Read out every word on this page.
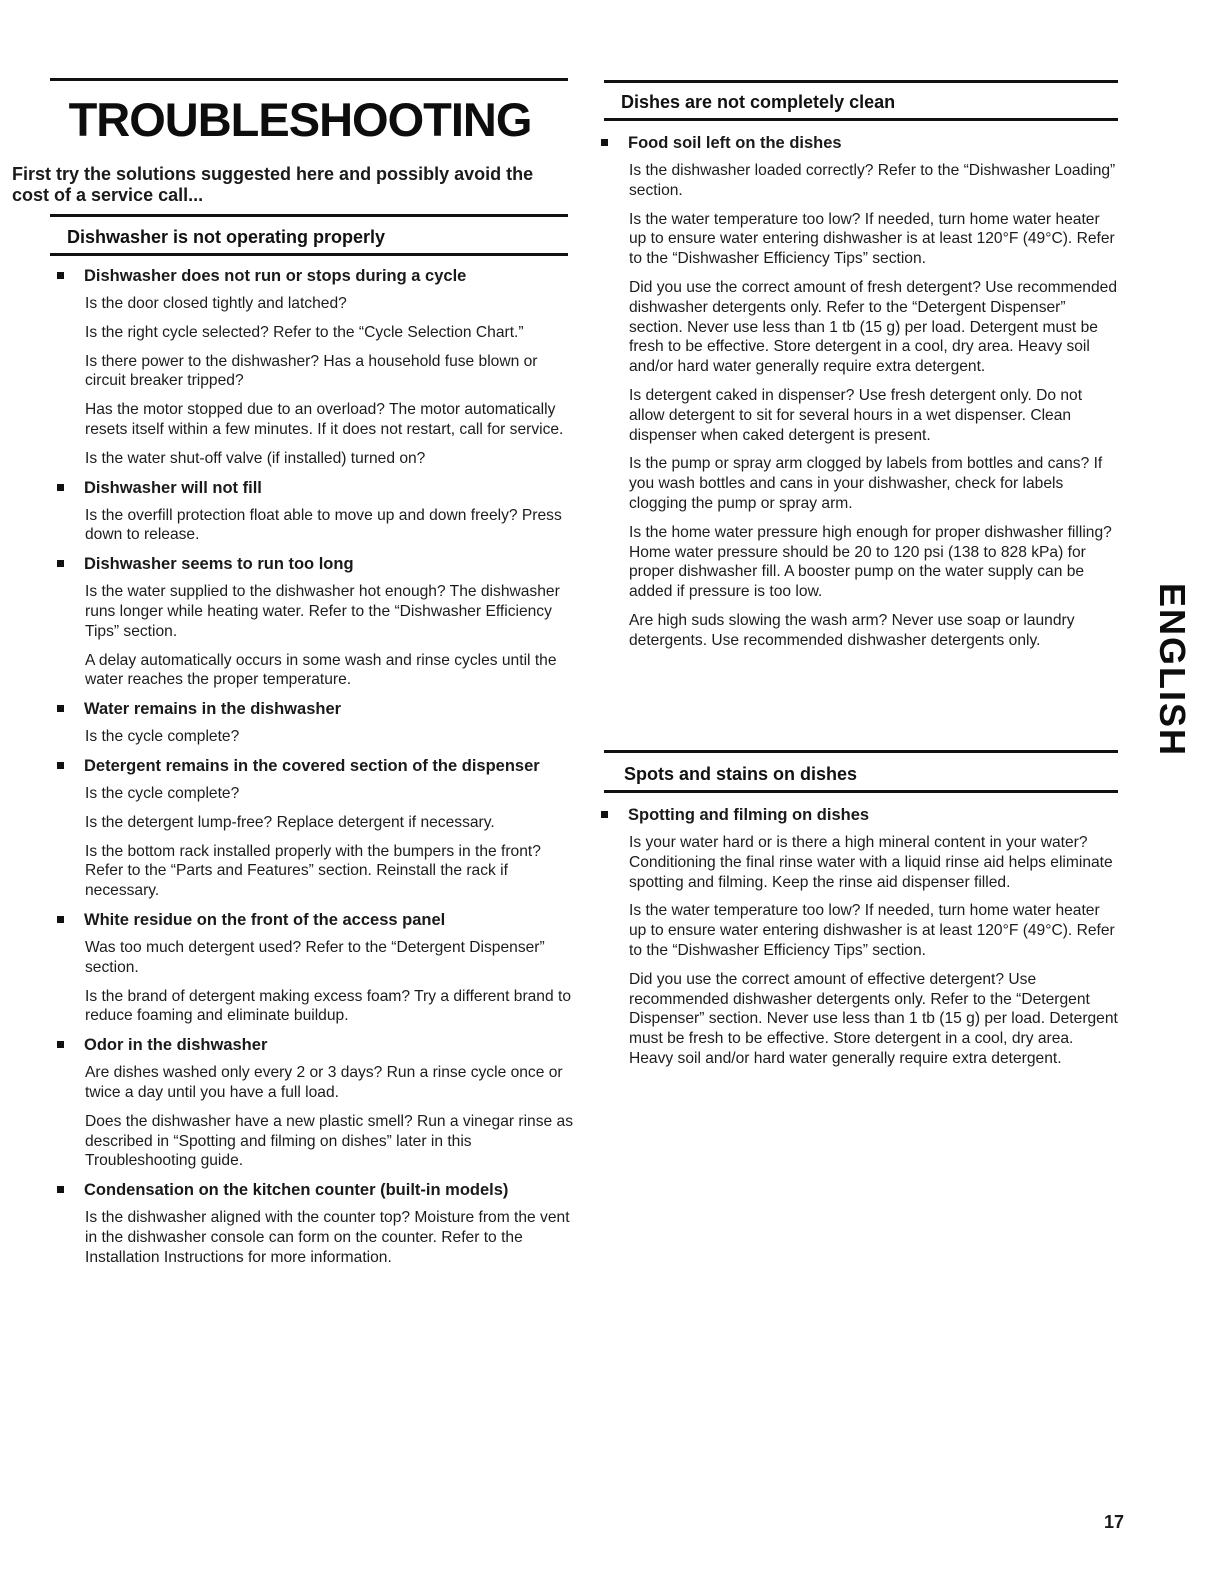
TROUBLESHOOTING
First try the solutions suggested here and possibly avoid the cost of a service call...
Dishwasher is not operating properly
Dishwasher does not run or stops during a cycle

Is the door closed tightly and latched?

Is the right cycle selected? Refer to the “Cycle Selection Chart.”

Is there power to the dishwasher? Has a household fuse blown or circuit breaker tripped?

Has the motor stopped due to an overload? The motor automatically resets itself within a few minutes. If it does not restart, call for service.

Is the water shut-off valve (if installed) turned on?

Dishwasher will not fill

Is the overfill protection float able to move up and down freely? Press down to release.

Dishwasher seems to run too long

Is the water supplied to the dishwasher hot enough? The dishwasher runs longer while heating water. Refer to the “Dishwasher Efficiency Tips” section.

A delay automatically occurs in some wash and rinse cycles until the water reaches the proper temperature.

Water remains in the dishwasher

Is the cycle complete?

Detergent remains in the covered section of the dispenser

Is the cycle complete?

Is the detergent lump-free? Replace detergent if necessary.

Is the bottom rack installed properly with the bumpers in the front? Refer to the “Parts and Features” section. Reinstall the rack if necessary.

White residue on the front of the access panel

Was too much detergent used? Refer to the “Detergent Dispenser” section.

Is the brand of detergent making excess foam? Try a different brand to reduce foaming and eliminate buildup.

Odor in the dishwasher

Are dishes washed only every 2 or 3 days? Run a rinse cycle once or twice a day until you have a full load.

Does the dishwasher have a new plastic smell? Run a vinegar rinse as described in “Spotting and filming on dishes” later in this Troubleshooting guide.

Condensation on the kitchen counter (built-in models)

Is the dishwasher aligned with the counter top? Moisture from the vent in the dishwasher console can form on the counter. Refer to the Installation Instructions for more information.

Dishes are not completely clean
Food soil left on the dishes

Is the dishwasher loaded correctly? Refer to the “Dishwasher Loading” section.

Is the water temperature too low? If needed, turn home water heater up to ensure water entering dishwasher is at least 120°F (49°C). Refer to the “Dishwasher Efficiency Tips” section.

Did you use the correct amount of fresh detergent? Use recommended dishwasher detergents only. Refer to the “Detergent Dispenser” section. Never use less than 1 tb (15 g) per load. Detergent must be fresh to be effective. Store detergent in a cool, dry area. Heavy soil and/or hard water generally require extra detergent.

Is detergent caked in dispenser? Use fresh detergent only. Do not allow detergent to sit for several hours in a wet dispenser. Clean dispenser when caked detergent is present.

Is the pump or spray arm clogged by labels from bottles and cans? If you wash bottles and cans in your dishwasher, check for labels clogging the pump or spray arm.

Is the home water pressure high enough for proper dishwasher filling? Home water pressure should be 20 to 120 psi (138 to 828 kPa) for proper dishwasher fill. A booster pump on the water supply can be added if pressure is too low.

Are high suds slowing the wash arm? Never use soap or laundry detergents. Use recommended dishwasher detergents only.

Spots and stains on dishes
Spotting and filming on dishes

Is your water hard or is there a high mineral content in your water? Conditioning the final rinse water with a liquid rinse aid helps eliminate spotting and filming. Keep the rinse aid dispenser filled.

Is the water temperature too low? If needed, turn home water heater up to ensure water entering dishwasher is at least 120°F (49°C). Refer to the “Dishwasher Efficiency Tips” section.

Did you use the correct amount of effective detergent? Use recommended dishwasher detergents only. Refer to the “Detergent Dispenser” section. Never use less than 1 tb (15 g) per load. Detergent must be fresh to be effective. Store detergent in a cool, dry area. Heavy soil and/or hard water generally require extra detergent.

ENGLISH
17
